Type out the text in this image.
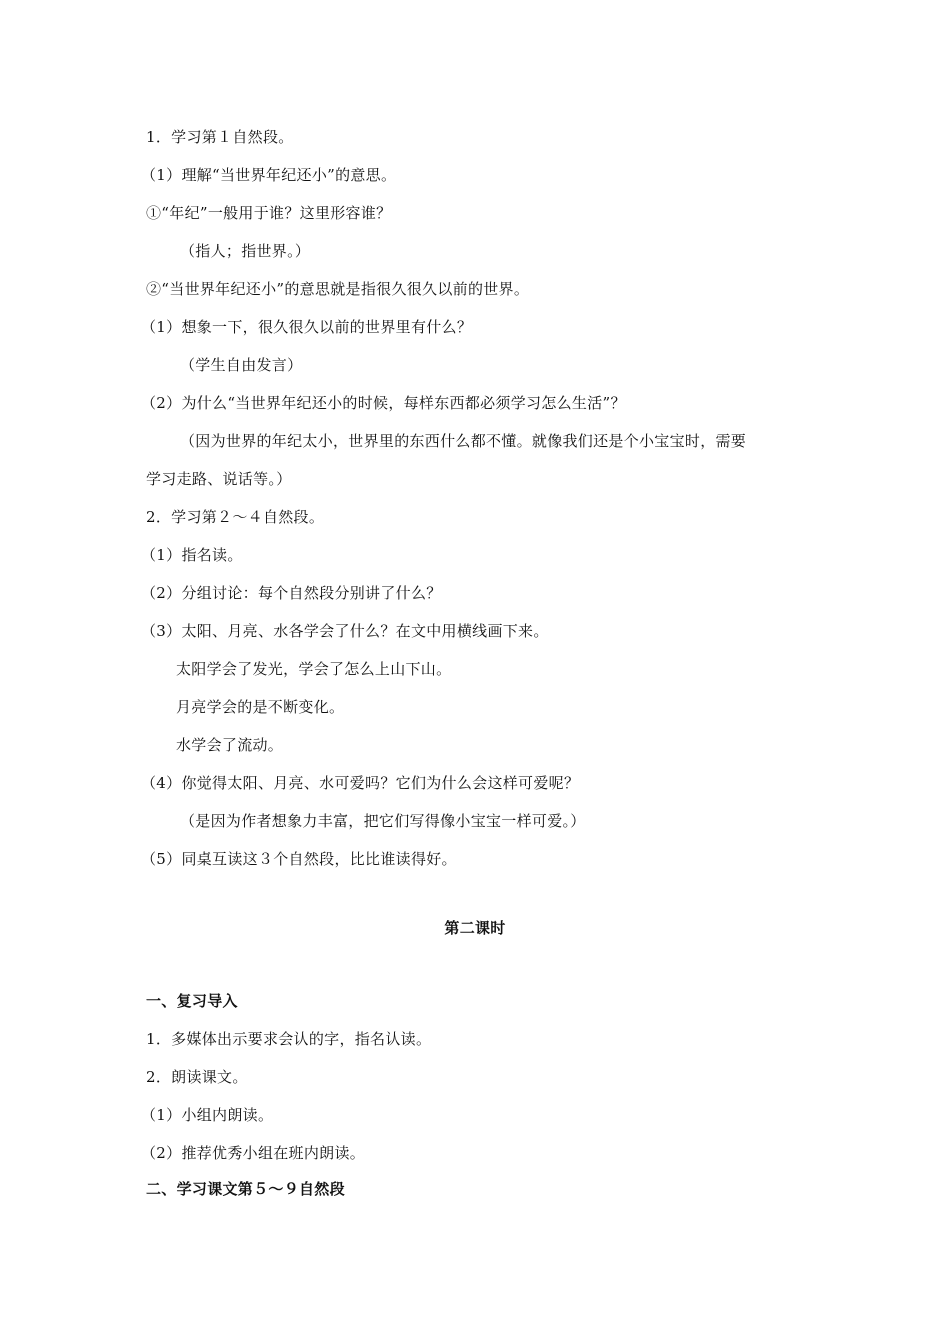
1．学习第１自然段。
（1）理解“当世界年纪还小”的意思。
①“年纪”一般用于谁？这里形容谁？
（指人；指世界。）
②“当世界年纪还小”的意思就是指很久很久以前的世界。
（1）想象一下，很久很久以前的世界里有什么？
（学生自由发言）
（2）为什么“当世界年纪还小的时候，每样东西都必须学习怎么生活”？
（因为世界的年纪太小，世界里的东西什么都不懂。就像我们还是个小宝宝时，需要
学习走路、说话等。）
2．学习第２～４自然段。
（1）指名读。
（2）分组讨论：每个自然段分别讲了什么？
（3）太阳、月亮、水各学会了什么？在文中用横线画下来。
太阳学会了发光，学会了怎么上山下山。
月亮学会的是不断变化。
水学会了流动。
（4）你觉得太阳、月亮、水可爱吗？它们为什么会这样可爱呢？
（是因为作者想象力丰富，把它们写得像小宝宝一样可爱。）
（5）同桌互读这３个自然段，比比谁读得好。
第二课时
一、复习导入
1．多媒体出示要求会认的字，指名认读。
2．朗读课文。
（1）小组内朗读。
（2）推荐优秀小组在班内朗读。
二、学习课文第５～９自然段
